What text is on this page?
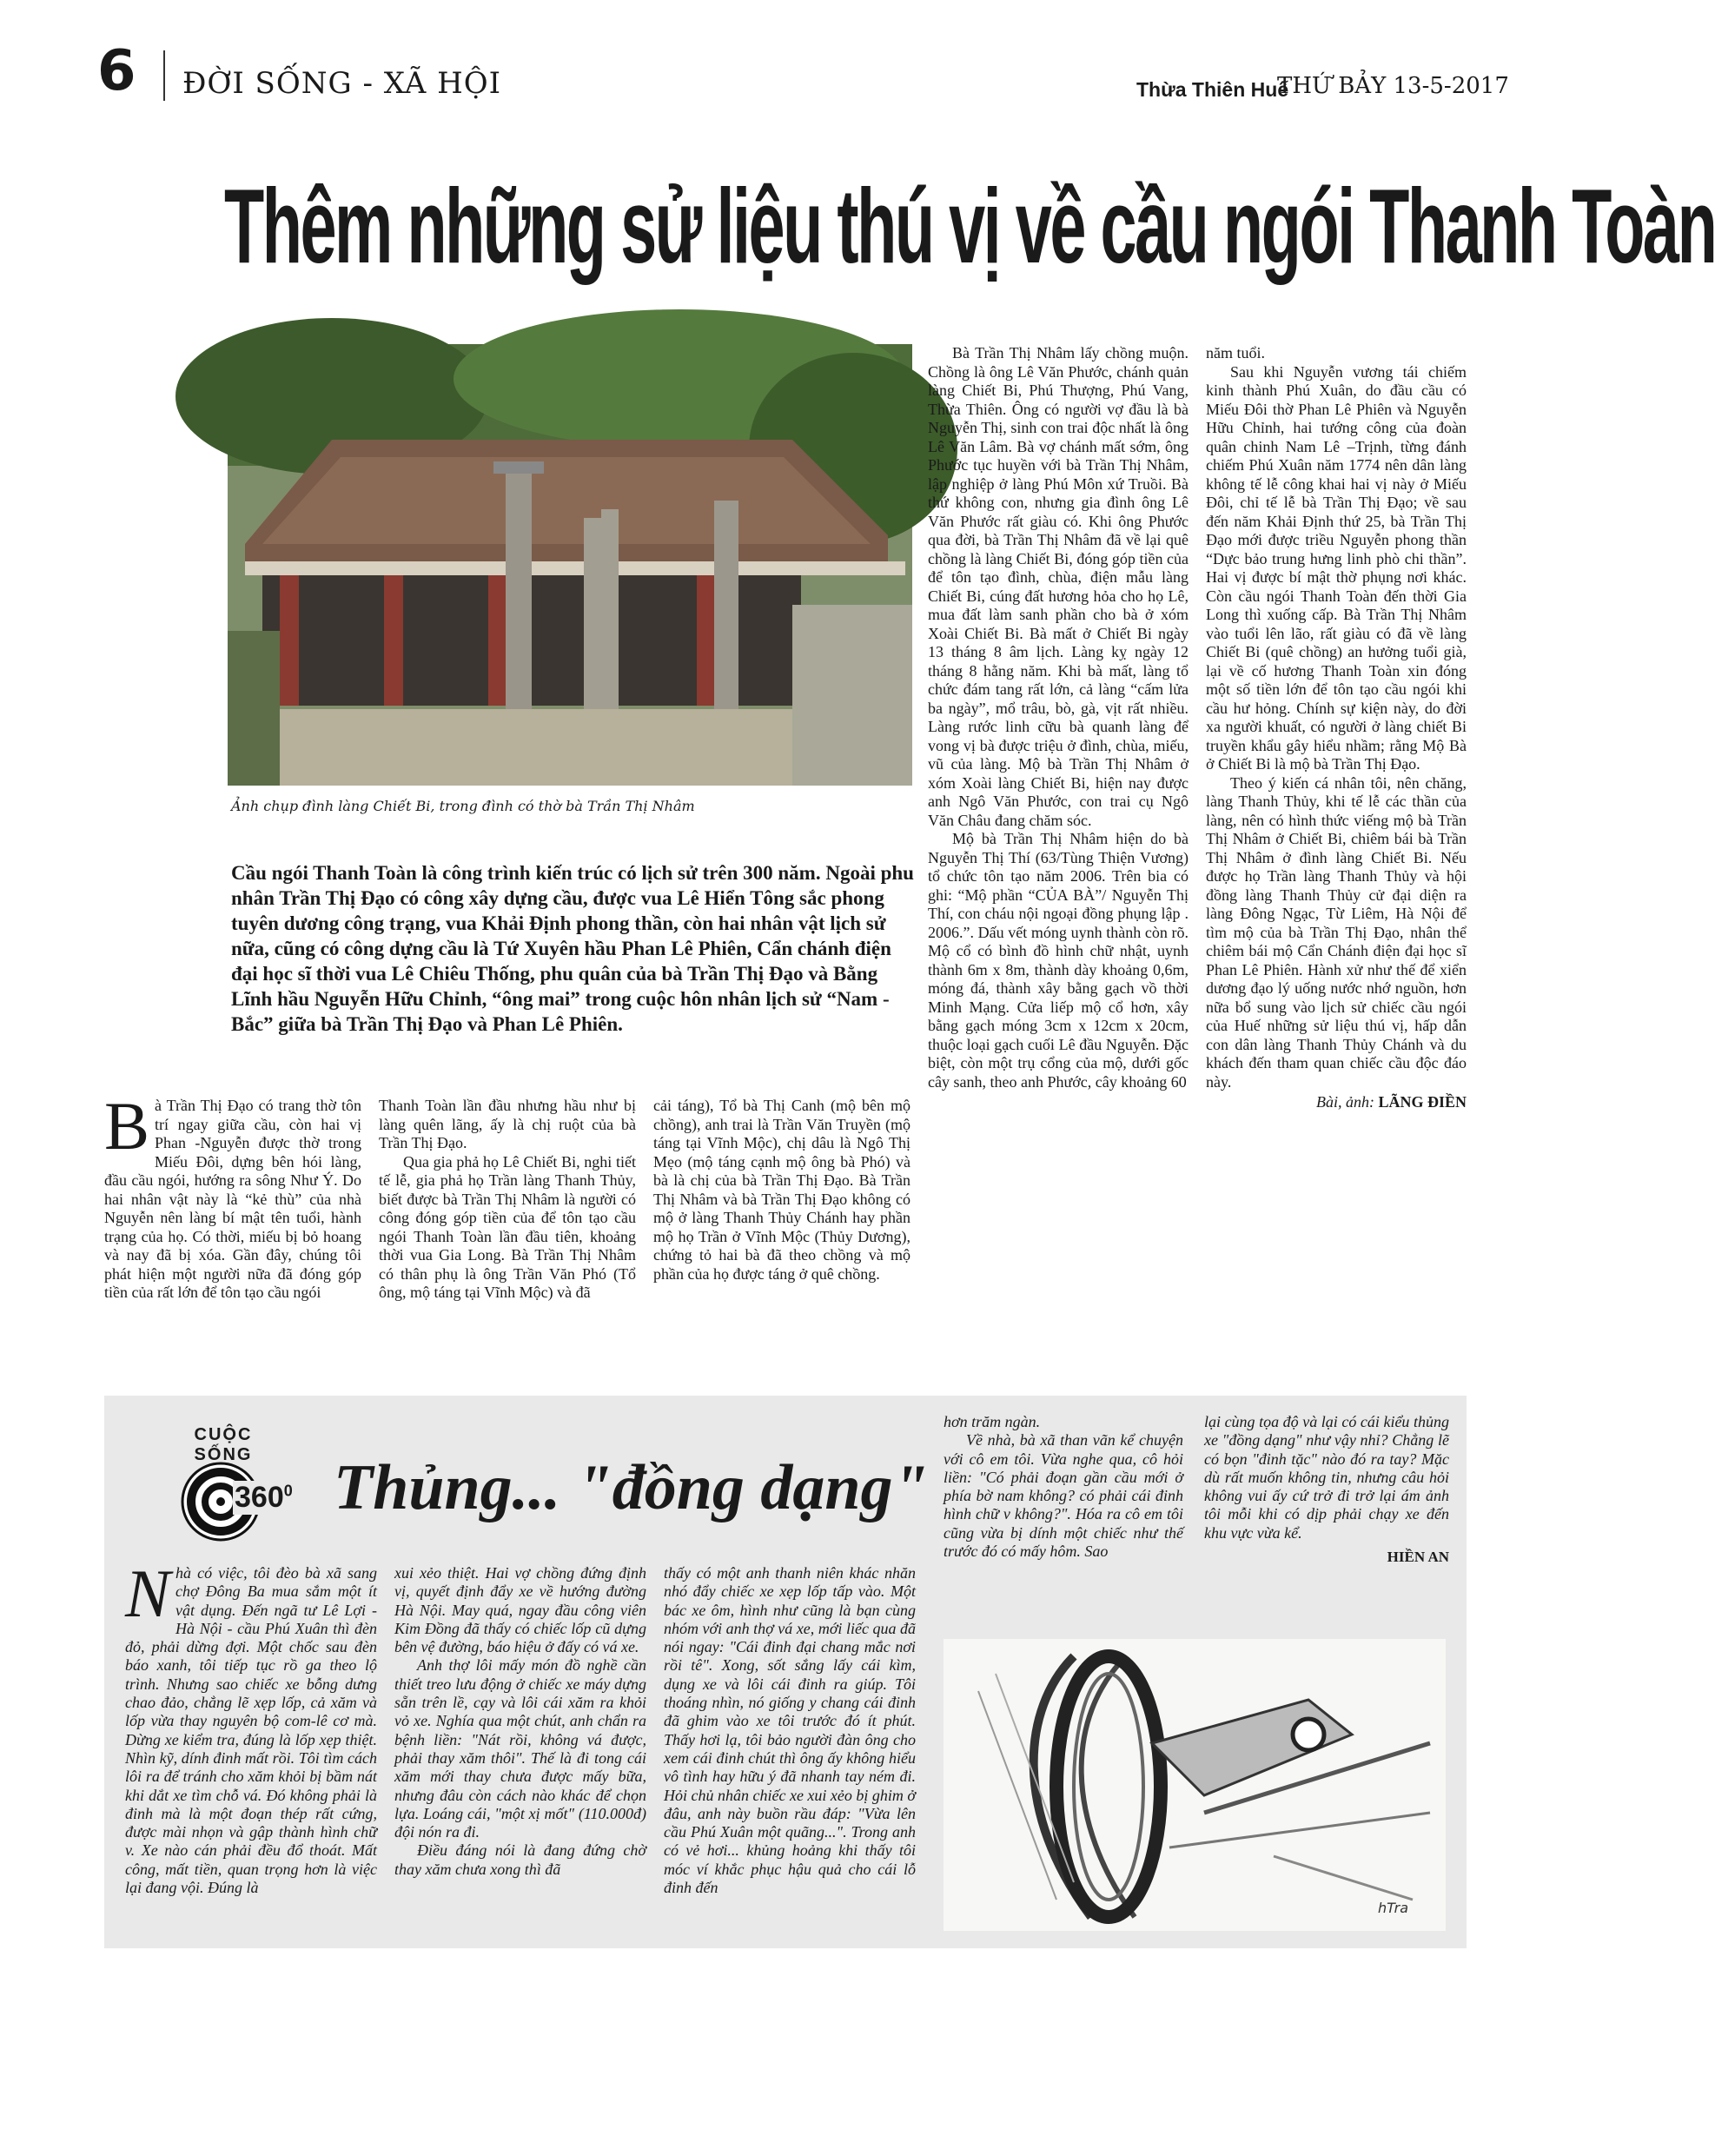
6 ĐỜI SỐNG - XÃ HỘI	Thừa Thiên Huế
THỨ BẢY 13-5-2017
Thêm những sử liệu thú vị về cầu ngói Thanh Toàn
Ảnh chụp đình làng Chiết Bi, trong đình có thờ bà Trần Thị Nhâm
Cầu ngói Thanh Toàn là công trình kiến trúc có lịch sử trên 300 năm. Ngoài phu nhân Trần Thị Đạo có công xây dựng cầu, được vua Lê Hiển Tông sắc phong tuyên dương công trạng, vua Khải Định phong thần, còn hai nhân vật lịch sử nữa, cũng có công dựng cầu là Tứ Xuyên hầu Phan Lê Phiên, Cẩn chánh điện đại học sĩ thời vua Lê Chiêu Thống, phu quân của bà Trần Thị Đạo và Bằng Lĩnh hầu Nguyễn Hữu Chỉnh, “ông mai” trong cuộc hôn nhân lịch sử “Nam - Bắc” giữa bà Trần Thị Đạo và Phan Lê Phiên.

Bà Trần Thị Đạo có trang thờ tôn trí ngay giữa cầu, còn hai vị Phan -Nguyễn được thờ trong Miếu Đôi, dựng bên hói làng, đầu cầu ngói, hướng ra sông Như Ý. Do hai nhân vật này là “kẻ thù” của nhà Nguyễn nên làng bí mật tên tuổi, hành trạng của họ. Có thời, miếu bị bỏ hoang và nay đã bị xóa. Gần đây, chúng tôi phát hiện một người nữa đã đóng góp tiền của rất lớn để tôn tạo cầu ngói

Thanh Toàn lần đầu nhưng hầu như bị làng quên lãng, ấy là chị ruột của bà Trần Thị Đạo.

Qua gia phả họ Lê Chiết Bi, nghi tiết tế lễ, gia phả họ Trần làng Thanh Thủy, biết được bà Trần Thị Nhâm là người có công đóng góp tiền của để tôn tạo cầu ngói Thanh Toàn lần đầu tiên, khoảng thời vua Gia Long. Bà Trần Thị Nhâm có thân phụ là ông Trần Văn Phó (Tổ ông, mộ táng tại Vĩnh Mộc) và đã

cải táng), Tổ bà Thị Canh (mộ bên mộ chồng), anh trai là Trần Văn Truyền (mộ táng tại Vĩnh Mộc), chị dâu là Ngô Thị Mẹo (mộ táng cạnh mộ ông bà Phó) và bà là chị của bà Trần Thị Đạo. Bà Trần Thị Nhâm và bà Trần Thị Đạo không có mộ ở làng Thanh Thủy Chánh hay phần mộ họ Trần ở Vĩnh Mộc (Thủy Dương), chứng tỏ hai bà đã theo chồng và mộ phần của họ được táng ở quê chồng.

Bà Trần Thị Nhâm lấy chồng muộn. Chồng là ông Lê Văn Phước, chánh quản làng Chiết Bi, Phú Thượng, Phú Vang, Thừa Thiên. Ông có người vợ đầu là bà Nguyễn Thị, sinh con trai độc nhất là ông Lê Văn Lâm. Bà vợ chánh mất sớm, ông Phước tục huyền với bà Trần Thị Nhâm, lập nghiệp ở làng Phú Môn xứ Truồi. Bà thứ không con, nhưng gia đình ông Lê Văn Phước rất giàu có. Khi ông Phước qua đời, bà Trần Thị Nhâm đã về lại quê chồng là làng Chiết Bi, đóng góp tiền của để tôn tạo đình, chùa, điện mẫu làng Chiết Bi, cúng đất hương hỏa cho họ Lê, mua đất làm sanh phần cho bà ở xóm Xoài Chiết Bi. Bà mất ở Chiết Bi ngày 13 tháng 8 âm lịch. Làng kỵ ngày 12 tháng 8 hằng năm. Khi bà mất, làng tổ chức đám tang rất lớn, cả làng “cấm lửa ba ngày”, mổ trâu, bò, gà, vịt rất nhiều. Làng rước linh cữu bà quanh làng để vong vị bà được triệu ở đình, chùa, miếu, vũ của làng. Mộ bà Trần Thị Nhâm ở xóm Xoài làng Chiết Bi, hiện nay được anh Ngô Văn Phước, con trai cụ Ngô Văn Châu đang chăm sóc.

Mộ bà Trần Thị Nhâm hiện do bà Nguyễn Thị Thí (63/Tùng Thiện Vương) tổ chức tôn tạo năm 2006. Trên bia có ghi: “Mộ phần “CỦA BÀ”/ Nguyễn Thị Thí, con cháu nội ngoại đồng phụng lập . 2006.”. Dấu vết móng uynh thành còn rõ. Mộ cổ có bình đồ hình chữ nhật, uynh thành 6m x 8m, thành dày khoảng 0,6m, móng đá, thành xây bằng gạch vồ thời Minh Mạng. Cửa liếp mộ cổ hơn, xây bằng gạch móng 3cm x 12cm x 20cm, thuộc loại gạch cuối Lê đầu Nguyễn. Đặc biệt, còn một trụ cổng của mộ, dưới gốc cây sanh, theo anh Phước, cây khoảng 60

năm tuổi.

Sau khi Nguyễn vương tái chiếm kinh thành Phú Xuân, do đầu cầu có Miếu Đôi thờ Phan Lê Phiên và Nguyễn Hữu Chỉnh, hai tướng công của đoàn quân chinh Nam Lê –Trịnh, từng đánh chiếm Phú Xuân năm 1774 nên dân làng không tế lễ công khai hai vị này ở Miếu Đôi, chỉ tế lễ bà Trần Thị Đạo; về sau đến năm Khải Định thứ 25, bà Trần Thị Đạo mới được triều Nguyễn phong thần “Dực bảo trung hưng linh phò chi thần”. Hai vị được bí mật thờ phụng nơi khác. Còn cầu ngói Thanh Toàn đến thời Gia Long thì xuống cấp. Bà Trần Thị Nhâm vào tuổi lên lão, rất giàu có đã về làng Chiết Bi (quê chồng) an hưởng tuổi già, lại về cố hương Thanh Toàn xin đóng một số tiền lớn để tôn tạo cầu ngói khi cầu hư hỏng. Chính sự kiện này, do đời xa người khuất, có người ở làng chiết Bi truyền khẩu gây hiểu nhầm; rằng Mộ Bà ở Chiết Bi là mộ bà Trần Thị Đạo.

Theo ý kiến cá nhân tôi, nên chăng, làng Thanh Thủy, khi tế lễ các thần của làng, nên có hình thức viếng mộ bà Trần Thị Nhâm ở Chiết Bi, chiêm bái bà Trần Thị Nhâm ở đình làng Chiết Bi. Nếu được họ Trần làng Thanh Thủy và hội đồng làng Thanh Thủy cử đại diện ra làng Đông Ngạc, Từ Liêm, Hà Nội để tìm mộ của bà Trần Thị Đạo, nhân thể chiêm bái mộ Cẩn Chánh điện đại học sĩ Phan Lê Phiên. Hành xử như thế để xiển dương đạo lý uống nước nhớ nguồn, hơn nữa bổ sung vào lịch sử chiếc cầu ngói của Huế những sử liệu thú vị, hấp dẫn con dân làng Thanh Thủy Chánh và du khách đến tham quan chiếc cầu độc đáo này.

Bài, ảnh: LÃNG ĐIỀN
CUỘC SỐNG
$360^0$ Thủng... "đồng dạng"

Nhà có việc, tôi đèo bà xã sang chợ Đông Ba mua sắm một ít vật dụng. Đến ngã tư Lê Lợi - Hà Nội - cầu Phú Xuân thì đèn đỏ, phải dừng đợi. Một chốc sau đèn báo xanh, tôi tiếp tục rồ ga theo lộ trình. Nhưng sao chiếc xe bỗng dưng chao đảo, chẳng lẽ xẹp lốp, cả xăm và lốp vừa thay nguyên bộ com-lê cơ mà. Dừng xe kiểm tra, đúng là lốp xẹp thiệt. Nhìn kỹ, dính đinh mất rồi. Tôi tìm cách lôi ra để tránh cho xăm khỏi bị bầm nát khi dắt xe tìm chỗ vá. Đó không phải là đinh mà là một đoạn thép rất cứng, được mài nhọn và gập thành hình chữ v. Xe nào cán phải đều đổ thoát. Mất công, mất tiền, quan trọng hơn là việc lại đang vội. Đúng là

xui xẻo thiệt. Hai vợ chồng đứng định vị, quyết định đẩy xe về hướng đường Hà Nội. May quá, ngay đầu công viên Kim Đồng đã thấy có chiếc lốp cũ dựng bên vệ đường, báo hiệu ở đấy có vá xe.

Anh thợ lôi mấy món đồ nghề cần thiết treo lưu động ở chiếc xe máy dựng sẵn trên lề, cạy và lôi cái xăm ra khỏi vỏ xe. Nghía qua một chút, anh chẩn ra bệnh liền: "Nát rồi, không vá được, phải thay xăm thôi". Thế là đi tong cái xăm mới thay chưa được mấy bữa, nhưng đâu còn cách nào khác để chọn lựa. Loáng cái, "một xị mốt" (110.000đ) đội nón ra đi.

Điều đáng nói là đang đứng chờ thay xăm chưa xong thì đã

thấy có một anh thanh niên khác nhăn nhó đẩy chiếc xe xẹp lốp tấp vào. Một bác xe ôm, hình như cũng là bạn cùng nhóm với anh thợ vá xe, mới liếc qua đã nói ngay: "Cái đinh đại chang mắc nơi rồi tê". Xong, sốt sắng lấy cái kìm, dụng xe và lôi cái đinh ra giúp. Tôi thoáng nhìn, nó giống y chang cái đinh đã ghim vào xe tôi trước đó ít phút. Thấy hơi lạ, tôi bảo người đàn ông cho xem cái đinh chút thì ông ấy không hiểu vô tình hay hữu ý đã nhanh tay ném đi. Hỏi chủ nhân chiếc xe xui xẻo bị ghim ở đâu, anh này buồn rầu đáp: "Vừa lên cầu Phú Xuân một quãng...". Trong anh có vẻ hơi... khủng hoảng khi thấy tôi móc ví khắc phục hậu quả cho cái lỗ đinh đến

hơn trăm ngàn.

Về nhà, bà xã than vãn kể chuyện với cô em tôi. Vừa nghe qua, cô hỏi liền: "Có phải đoạn gần cầu mới ở phía bờ nam không? có phải cái đinh hình chữ v không?". Hóa ra cô em tôi cũng vừa bị dính một chiếc như thế trước đó có mấy hôm. Sao

lại cùng tọa độ và lại có cái kiểu thủng xe "đồng dạng" như vậy nhỉ? Chẳng lẽ có bọn "đinh tặc" nào đó ra tay? Mặc dù rất muốn không tin, nhưng câu hỏi không vui ấy cứ trở đi trở lại ám ảnh tôi mỗi khi có dịp phải chạy xe đến khu vực vừa kể.

HIỀN AN
hTra
